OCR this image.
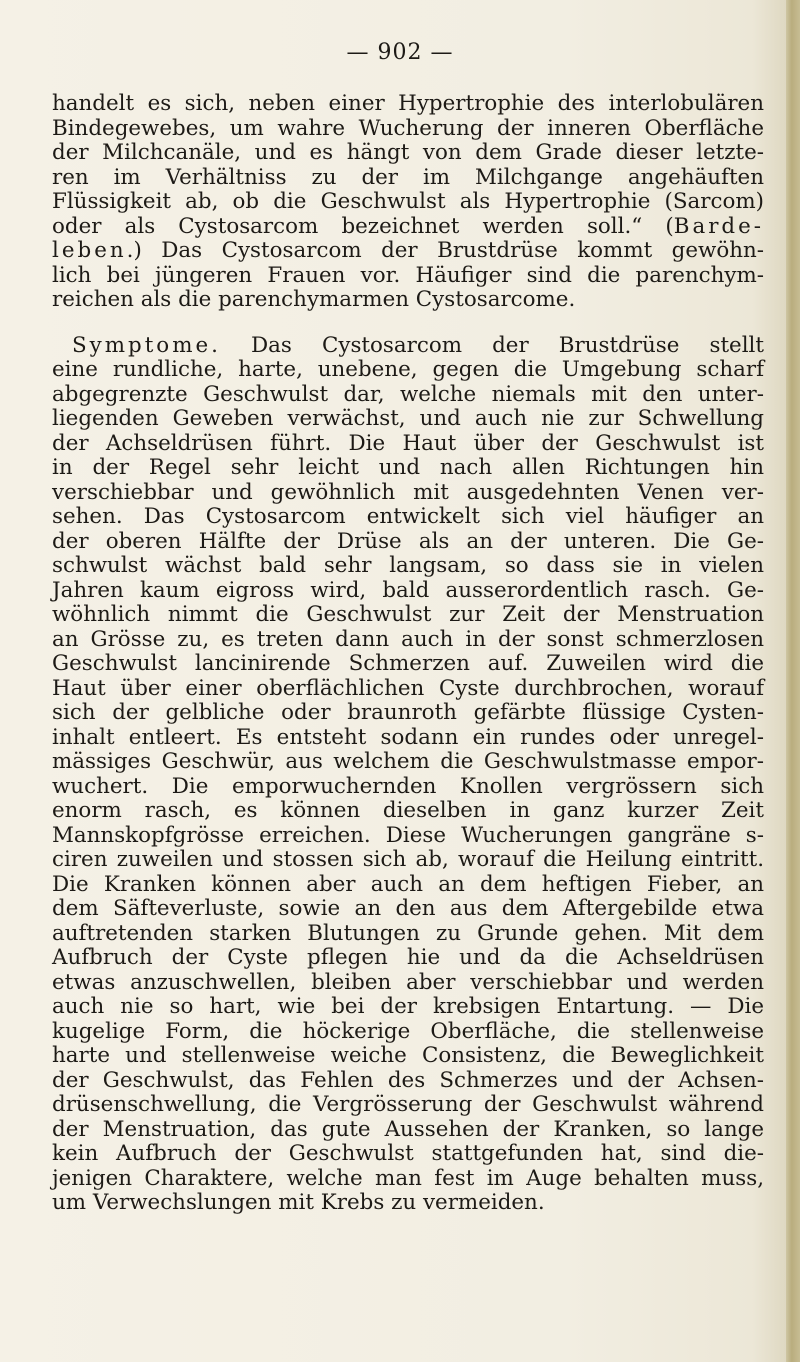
— 902 —
handelt es sich, neben einer Hypertrophie des interlobulären
Bindegewebes, um wahre Wucherung der inneren Oberfläche
der Milchcanäle, und es hängt von dem Grade dieser letzte-
ren im Verhältniss zu der im Milchgange angehäuften
Flüssigkeit ab, ob die Geschwulst als Hypertrophie (Sarcom)
oder als Cystosarcom bezeichnet werden soll.“ (Barde-
leben.) Das Cystosarcom der Brustdrüse kommt gewöhn-
lich bei jüngeren Frauen vor. Häufiger sind die parenchym-
reichen als die parenchymarmen Cystosarcome.
Symptome. Das Cystosarcom der Brustdrüse stellt
eine rundliche, harte, unebene, gegen die Umgebung scharf
abgegrenzte Geschwulst dar, welche niemals mit den unter-
liegenden Geweben verwächst, und auch nie zur Schwellung
der Achseldrüsen führt. Die Haut über der Geschwulst ist
in der Regel sehr leicht und nach allen Richtungen hin
verschiebbar und gewöhnlich mit ausgedehnten Venen ver-
sehen. Das Cystosarcom entwickelt sich viel häufiger an
der oberen Hälfte der Drüse als an der unteren. Die Ge-
schwulst wächst bald sehr langsam, so dass sie in vielen
Jahren kaum eigross wird, bald ausserordentlich rasch. Ge-
wöhnlich nimmt die Geschwulst zur Zeit der Menstruation
an Grösse zu, es treten dann auch in der sonst schmerzlosen
Geschwulst lancinirende Schmerzen auf. Zuweilen wird die
Haut über einer oberflächlichen Cyste durchbrochen, worauf
sich der gelbliche oder braunroth gefärbte flüssige Cysten-
inhalt entleert. Es entsteht sodann ein rundes oder unregel-
mässiges Geschwür, aus welchem die Geschwulstmasse empor-
wuchert. Die emporwuchernden Knollen vergrössern sich
enorm rasch, es können dieselben in ganz kurzer Zeit
Mannskopfgrösse erreichen. Diese Wucherungen gangräne s-
ciren zuweilen und stossen sich ab, worauf die Heilung eintritt.
Die Kranken können aber auch an dem heftigen Fieber, an
dem Säfteverluste, sowie an den aus dem Aftergebilde etwa
auftretenden starken Blutungen zu Grunde gehen. Mit dem
Aufbruch der Cyste pflegen hie und da die Achseldrüsen
etwas anzuschwellen, bleiben aber verschiebbar und werden
auch nie so hart, wie bei der krebsigen Entartung. — Die
kugelige Form, die höckerige Oberfläche, die stellenweise
harte und stellenweise weiche Consistenz, die Beweglichkeit
der Geschwulst, das Fehlen des Schmerzes und der Achsen-
drüsenschwellung, die Vergrösserung der Geschwulst während
der Menstruation, das gute Aussehen der Kranken, so lange
kein Aufbruch der Geschwulst stattgefunden hat, sind die-
jenigen Charaktere, welche man fest im Auge behalten muss,
um Verwechslungen mit Krebs zu vermeiden.
